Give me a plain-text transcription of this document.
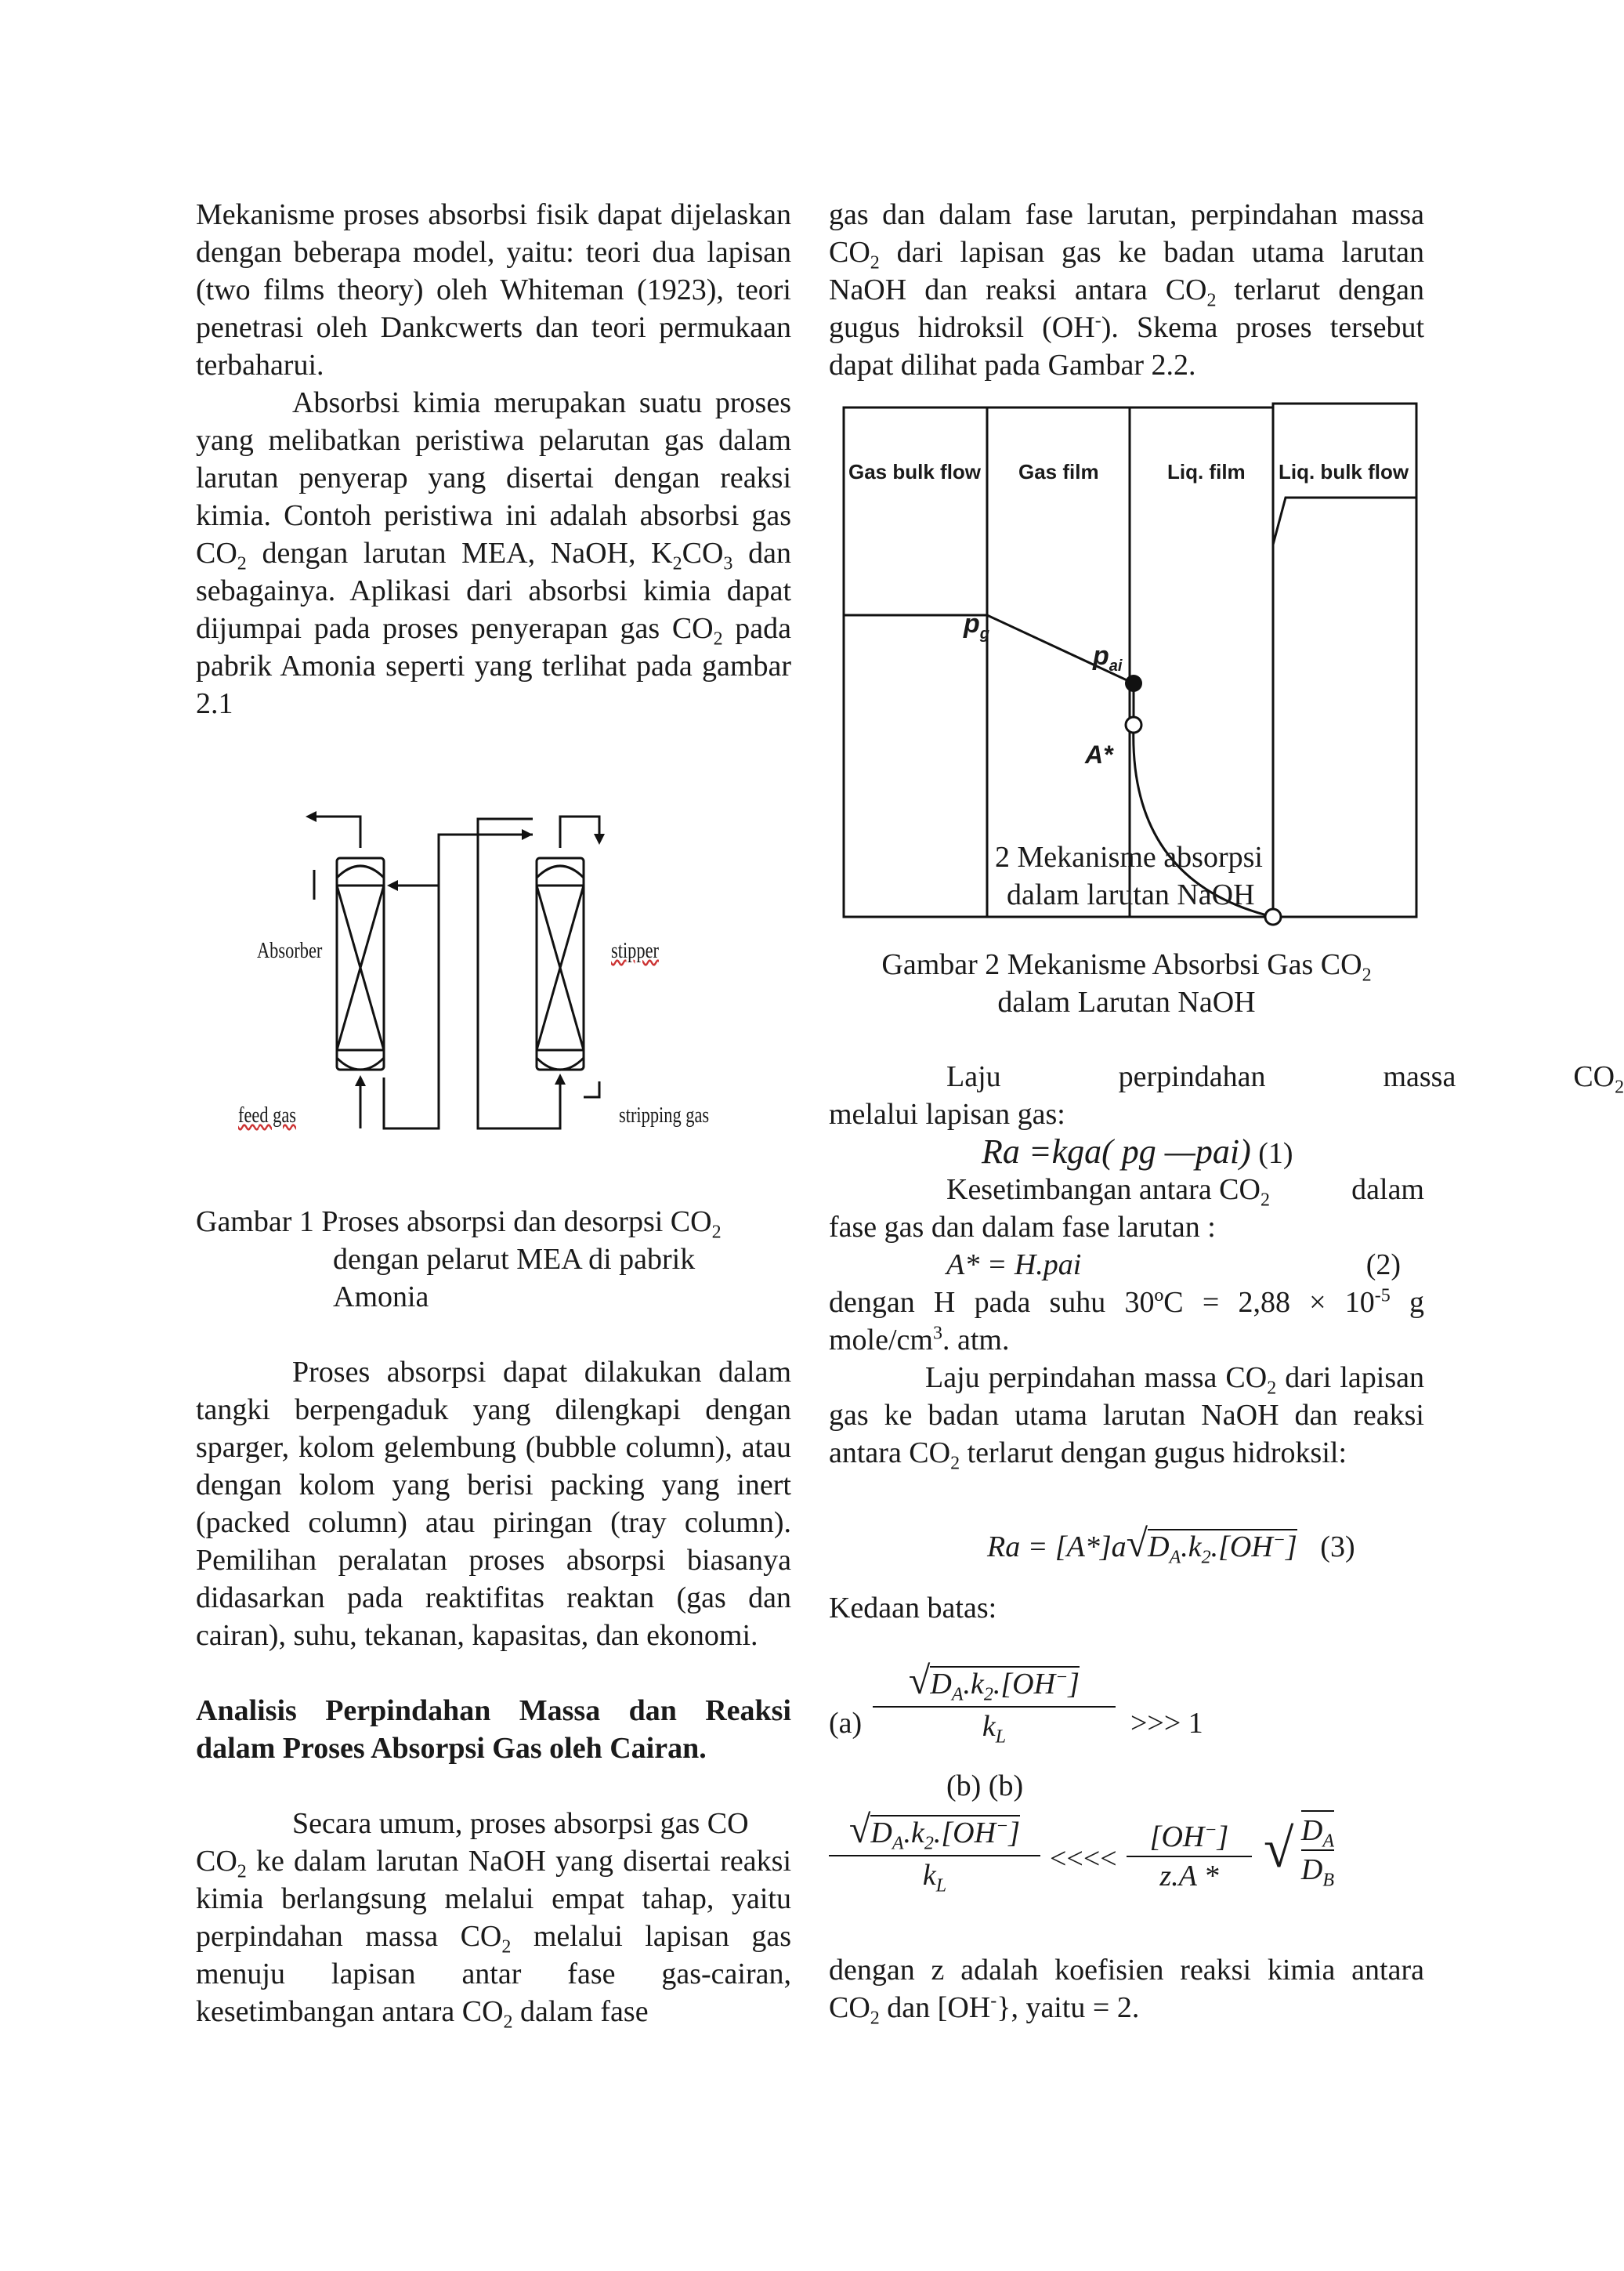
Mekanisme proses absorbsi fisik dapat dijelaskan dengan beberapa model, yaitu: teori dua lapisan (two films theory) oleh Whiteman (1923), teori penetrasi oleh Dankcwerts dan teori permukaan terbaharui.

Absorbsi kimia merupakan suatu proses yang melibatkan peristiwa pelarutan gas dalam larutan penyerap yang disertai dengan reaksi kimia. Contoh peristiwa ini adalah absorbsi gas $CO_2$ dengan larutan MEA, NaOH, $K_2CO_3$ dan sebagainya. Aplikasi dari absorbsi kimia dapat dijumpai pada proses penyerapan gas $CO_2$ pada pabrik Amonia seperti yang terlihat pada gambar 2.1

Absorber	stipper
feed gas	stripping gas
Gambar 1 Proses absorpsi dan desorpsi $CO_2$
dengan pelarut MEA di pabrik
Amonia

Proses absorpsi dapat dilakukan dalam tangki berpengaduk yang dilengkapi dengan sparger, kolom gelembung (bubble column), atau dengan kolom yang berisi packing yang inert (packed column) atau piringan (tray column). Pemilihan peralatan proses absorpsi biasanya didasarkan pada reaktifitas reaktan (gas dan cairan), suhu, tekanan, kapasitas, dan ekonomi.

Analisis Perpindahan Massa dan Reaksi dalam Proses Absorpsi Gas oleh Cairan.

Secara umum, proses absorpsi gas CO
$CO_2$ ke dalam larutan NaOH yang disertai reaksi kimia berlangsung melalui empat tahap, yaitu perpindahan massa $CO_2$ melalui lapisan gas menuju lapisan antar fase gas-cairan, kesetimbangan antara $CO_2$ dalam fase

gas dan dalam fase larutan, perpindahan massa $CO_2$ dari lapisan gas ke badan utama larutan NaOH dan reaksi antara $CO_2$ terlarut dengan gugus hidroksil (OH-). Skema proses tersebut dapat dilihat pada Gambar 2.2.

Gas bulk flow Gas film	Liq. film Liq. bulk flow
$p_g$
$p_{ai}$
A*
2 Mekanisme absorpsi
dalam larutan NaOH
Gambar 2 Mekanisme Absorbsi Gas $CO_2$
dalam Larutan NaOH
Laju	perpindahan	massa	$CO_2$
melalui lapisan gas:
Ra =kga( pg —pai) (1)
Kesetimbangan antara $CO_2$	dalam
fase gas dan dalam fase larutan :
A* = H.pai	(2)

dengan H pada suhu 30ºC = $2,88 \times 10^{-5}$ g mole/$cm^3$. atm.

Laju perpindahan massa $CO_2$ dari lapisan gas ke badan utama larutan NaOH dan reaksi antara $CO_2$ terlarut dengan gugus hidroksil:

$Ra = [A*]a√D_A.k_2.[OH^-]$ (3)
Kedaan batas:
(a)
$√D_A.k_2.[OH^-]$
$k_L$	>>> 1
(b) (b)
$√D_A.k_2.[OH^-]$
$k_L$
<<<<
[OH−]
z.A * √ $\frac{D_A}{D_B}$

dengan z adalah koefisien reaksi kimia antara $CO_2$ dan [OH-}, yaitu = 2.
